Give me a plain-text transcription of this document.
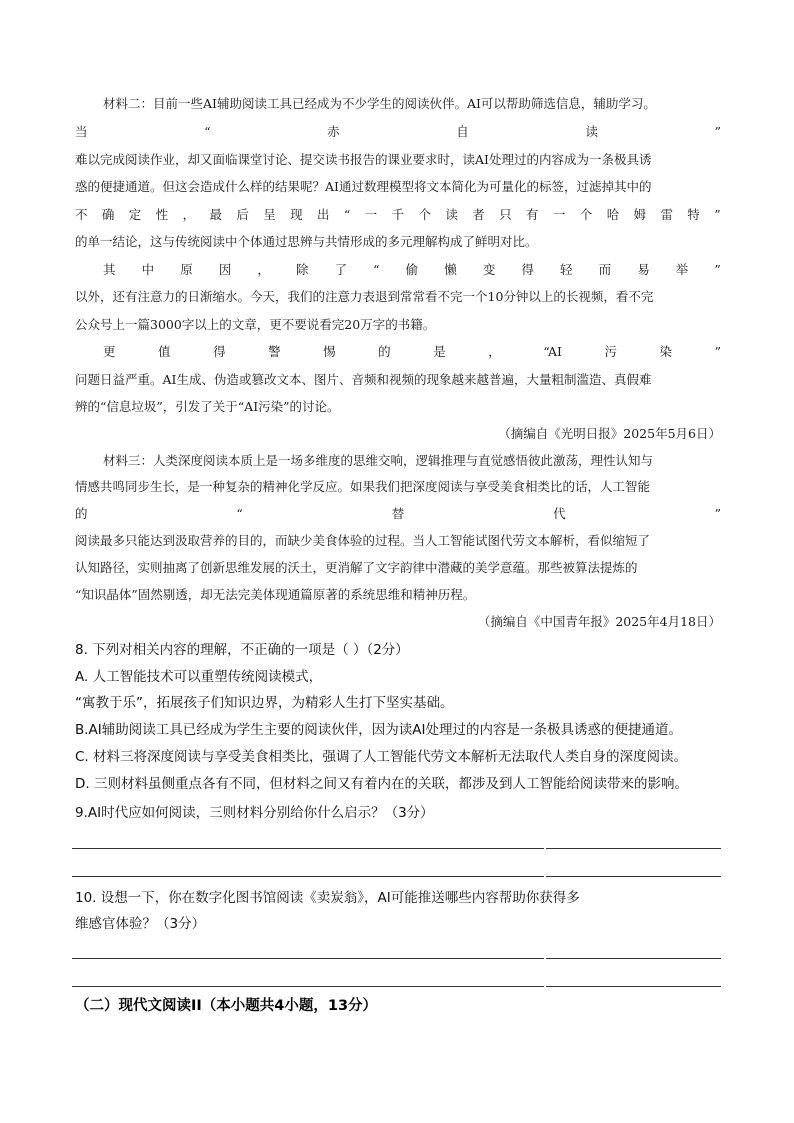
材料二：目前一些AI辅助阅读工具已经成为不少学生的阅读伙伴。AI可以帮助筛选信息，辅助学习。
当	“	赤	自	读	”
难以完成阅读作业，却又面临课堂讨论、提交读书报告的课业要求时，读AI处理过的内容成为一条极具诱
惑的便捷通道。但这会造成什么样的结果呢？AI通过数理模型将文本简化为可量化的标签，过滤掉其中的
不 确 定 性 ， 最 后 呈 现 出 “ 一 千 个 读 者 只 有 一 个 哈 姆 雷 特 ”
的单一结论，这与传统阅读中个体通过思辨与共情形成的多元理解构成了鲜明对比。
其 中 原 因 ， 除 了 “ 偷 懒 变 得 轻 而 易 举 ”
以外，还有注意力的日渐缩水。今天，我们的注意力表退到常常看不完一个10分钟以上的长视频，看不完
公众号上一篇3000字以上的文章，更不要说看完20万字的书籍。
更	值	得	警	惕	的	是	，	“AI	污	染	”
问题日益严重。AI生成、伪造或篡改文本、图片、音频和视频的现象越来越普遍，大量粗制滥造、真假难
辨的“信息垃圾”，引发了关于“AI污染”的讨论。
（摘编自《光明日报》2025年5月6日）
材料三：人类深度阅读本质上是一场多维度的思维交响，逻辑推理与直觉感悟彼此激荡，理性认知与
情感共鸣同步生长，是一种复杂的精神化学反应。如果我们把深度阅读与享受美食相类比的话，人工智能
的	“	替	代	”
阅读最多只能达到汲取营养的目的，而缺少美食体验的过程。当人工智能试图代劳文本解析，看似缩短了
认知路径，实则抽离了创新思维发展的沃土，更消解了文字韵律中潜藏的美学意蕴。那些被算法提炼的
“知识晶体”固然剔透，却无法完美体现通篇原著的系统思维和精神历程。
（摘编自《中国青年报》2025年4月18日）
8. 下列对相关内容的理解，不正确的一项是（ ）（2分）
A. 人工智能技术可以重塑传统阅读模式，
“寓教于乐”，拓展孩子们知识边界，为精彩人生打下坚实基础。
B.AI辅助阅读工具已经成为学生主要的阅读伙伴，因为读AI处理过的内容是一条极具诱惑的便捷通道。
C. 材料三将深度阅读与享受美食相类比，强调了人工智能代劳文本解析无法取代人类自身的深度阅读。
D. 三则材料虽侧重点各有不同，但材料之间又有着内在的关联，都涉及到人工智能给阅读带来的影响。
9.AI时代应如何阅读，三则材料分别给你什么启示？（3分）
10. 设想一下，你在数字化图书馆阅读《卖炭翁》，AI可能推送哪些内容帮助你获得多
维感官体验？（3分）
（二）现代文阅读II（本小题共4小题，13分）
